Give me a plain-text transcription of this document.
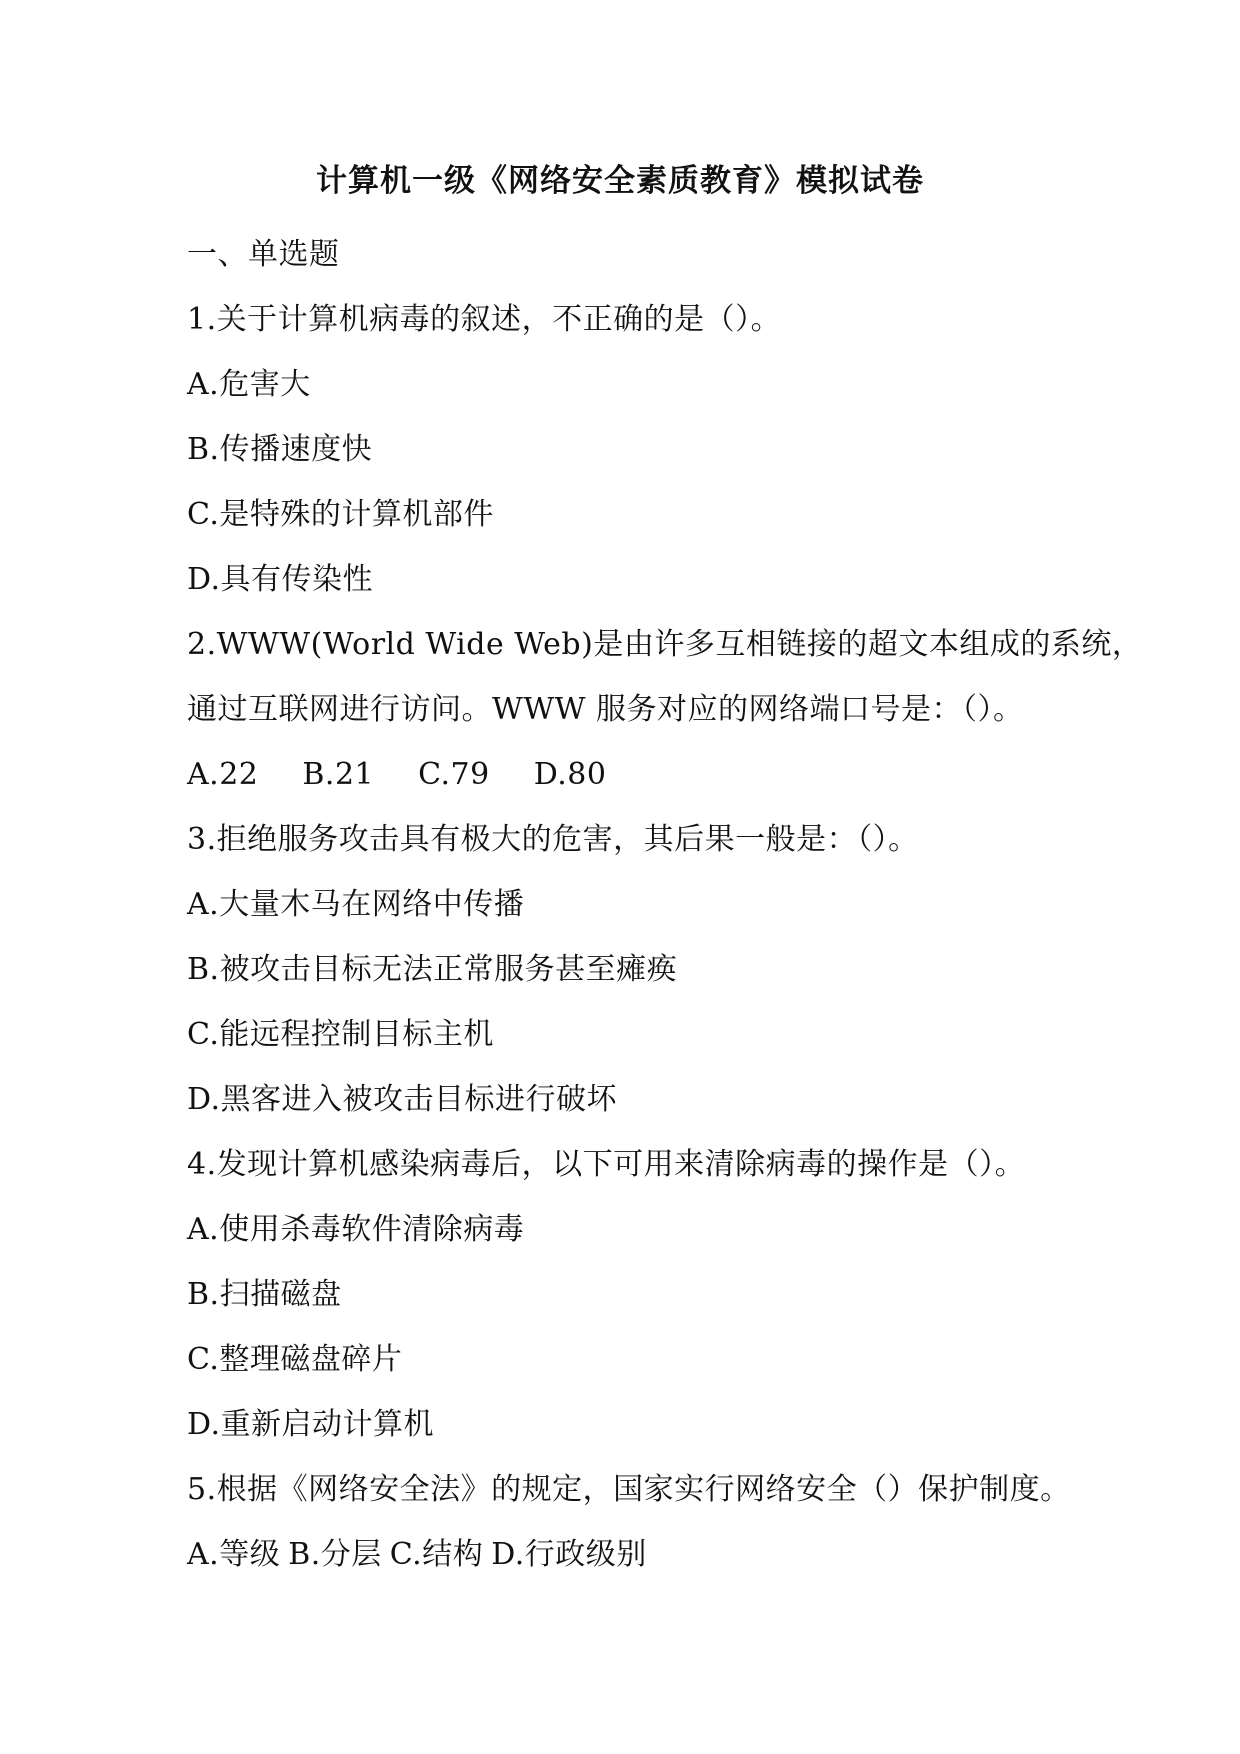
计算机一级《网络安全素质教育》模拟试卷

一、单选题

1.关于计算机病毒的叙述，不正确的是（）。

A.危害大

B.传播速度快

C.是特殊的计算机部件

D.具有传染性

2.WWW(World Wide Web)是由许多互相链接的超文本组成的系统，

通过互联网进行访问。WWW 服务对应的网络端口号是：（）。

A.22 B.21 C.79 D.80

3.拒绝服务攻击具有极大的危害，其后果一般是：（）。

A.大量木马在网络中传播

B.被攻击目标无法正常服务甚至瘫痪

C.能远程控制目标主机

D.黑客进入被攻击目标进行破坏

4.发现计算机感染病毒后，以下可用来清除病毒的操作是（）。

A.使用杀毒软件清除病毒

B.扫描磁盘

C.整理磁盘碎片

D.重新启动计算机

5.根据《网络安全法》的规定，国家实行网络安全（）保护制度。

A.等级 B.分层 C.结构 D.行政级别
